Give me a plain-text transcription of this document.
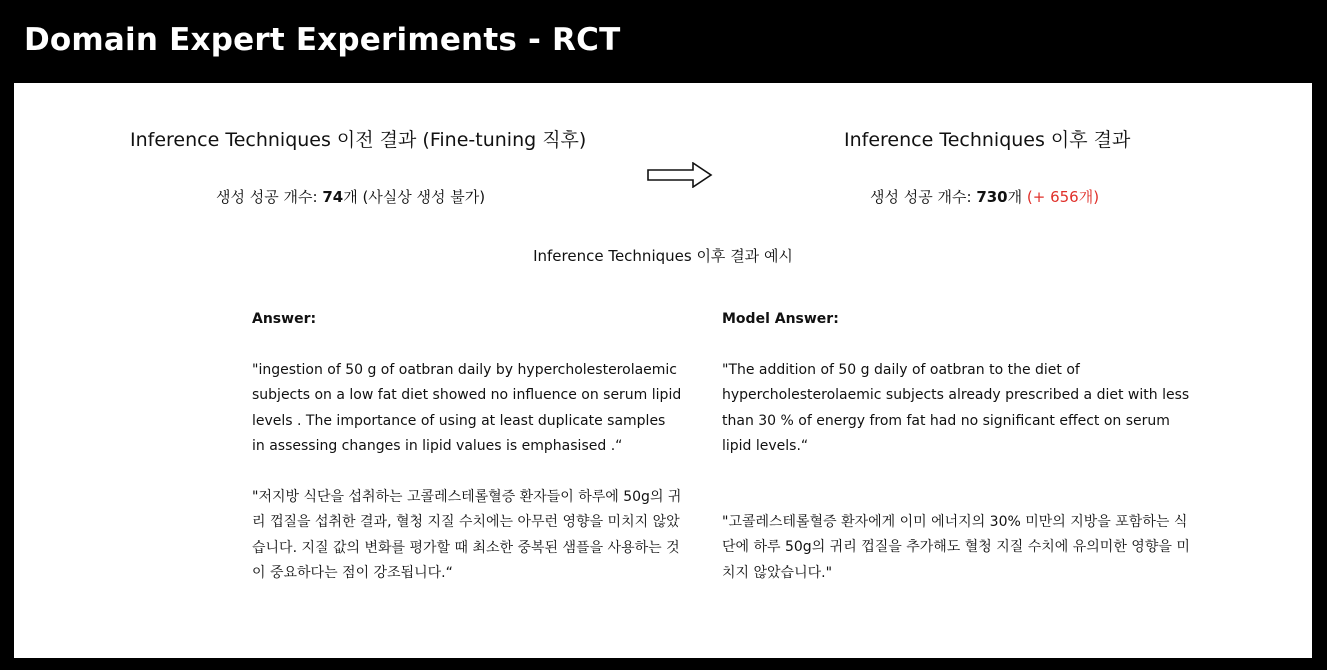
Domain Expert Experiments - RCT
Inference Techniques 이전 결과 (Fine-tuning 직후)
생성 성공 개수: 74개 (사실상 생성 불가)
Inference Techniques 이후 결과
생성 성공 개수: 730개 (+ 656개)
Inference Techniques 이후 결과 예시
Answer:
"ingestion of 50 g of oatbran daily by hypercholesterolaemic subjects on a low fat diet showed no influence on serum lipid levels . The importance of using at least duplicate samples in assessing changes in lipid values is emphasised .“
"저지방 식단을 섭취하는 고콜레스테롤혈증 환자들이 하루에 50g의 귀리 껍질을 섭취한 결과, 혈청 지질 수치에는 아무런 영향을 미치지 않았습니다. 지질 값의 변화를 평가할 때 최소한 중복된 샘플을 사용하는 것이 중요하다는 점이 강조됩니다.“
Model Answer:
"The addition of 50 g daily of oatbran to the diet of hypercholesterolaemic subjects already prescribed a diet with less than 30 % of energy from fat had no significant effect on serum lipid levels.“
"고콜레스테롤혈증 환자에게 이미 에너지의 30% 미만의 지방을 포함하는 식단에 하루 50g의 귀리 껍질을 추가해도 혈청 지질 수치에 유의미한 영향을 미치지 않았습니다."
